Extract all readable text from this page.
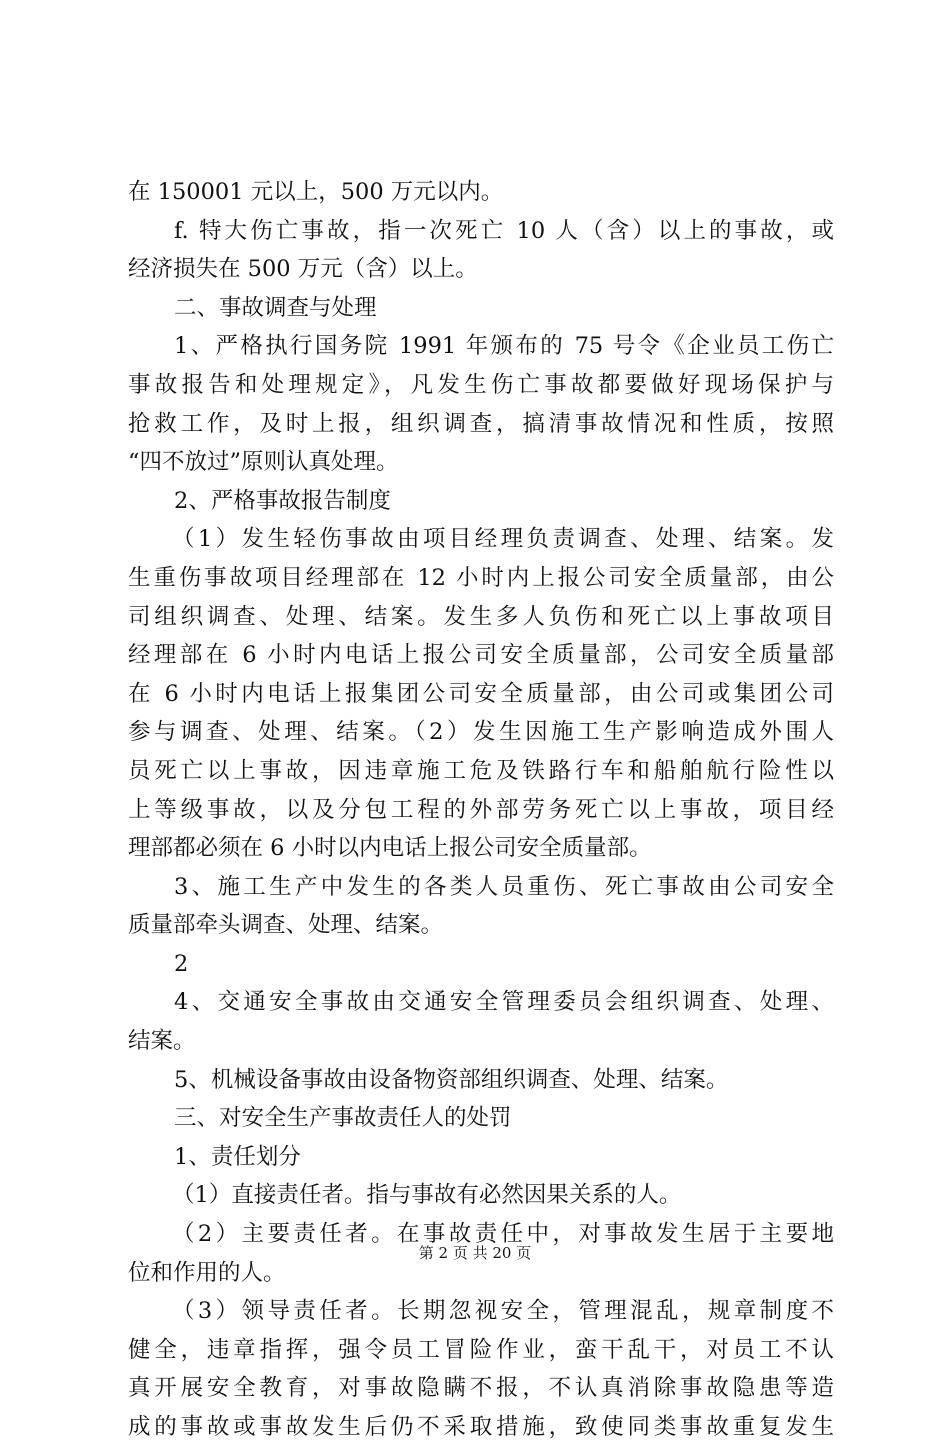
在 150001 元以上，500 万元以内。
f. 特大伤亡事故，指一次死亡 10 人（含）以上的事故，或
经济损失在 500 万元（含）以上。
二、事故调查与处理
1、严格执行国务院 1991 年颁布的 75 号令《企业员工伤亡
事故报告和处理规定》，凡发生伤亡事故都要做好现场保护与
抢救工作，及时上报，组织调查，搞清事故情况和性质，按照
“四不放过”原则认真处理。
2、严格事故报告制度
（1）发生轻伤事故由项目经理负责调查、处理、结案。发
生重伤事故项目经理部在 12 小时内上报公司安全质量部，由公
司组织调查、处理、结案。发生多人负伤和死亡以上事故项目
经理部在 6 小时内电话上报公司安全质量部，公司安全质量部
在 6 小时内电话上报集团公司安全质量部，由公司或集团公司
参与调查、处理、结案。（2）发生因施工生产影响造成外围人
员死亡以上事故，因违章施工危及铁路行车和船舶航行险性以
上等级事故，以及分包工程的外部劳务死亡以上事故，项目经
理部都必须在 6 小时以内电话上报公司安全质量部。
3、施工生产中发生的各类人员重伤、死亡事故由公司安全
质量部牵头调查、处理、结案。
2
4、交通安全事故由交通安全管理委员会组织调查、处理、
结案。
5、机械设备事故由设备物资部组织调查、处理、结案。
三、对安全生产事故责任人的处罚
1、责任划分
（1）直接责任者。指与事故有必然因果关系的人。
（2）主要责任者。在事故责任中，对事故发生居于主要地
位和作用的人。
（3）领导责任者。长期忽视安全，管理混乱，规章制度不
健全，违章指挥，强令员工冒险作业，蛮干乱干，对员工不认
真开展安全教育，对事故隐瞒不报，不认真消除事故隐患等造
成的事故或事故发生后仍不采取措施，致使同类事故重复发生
第 2 页 共 20 页
